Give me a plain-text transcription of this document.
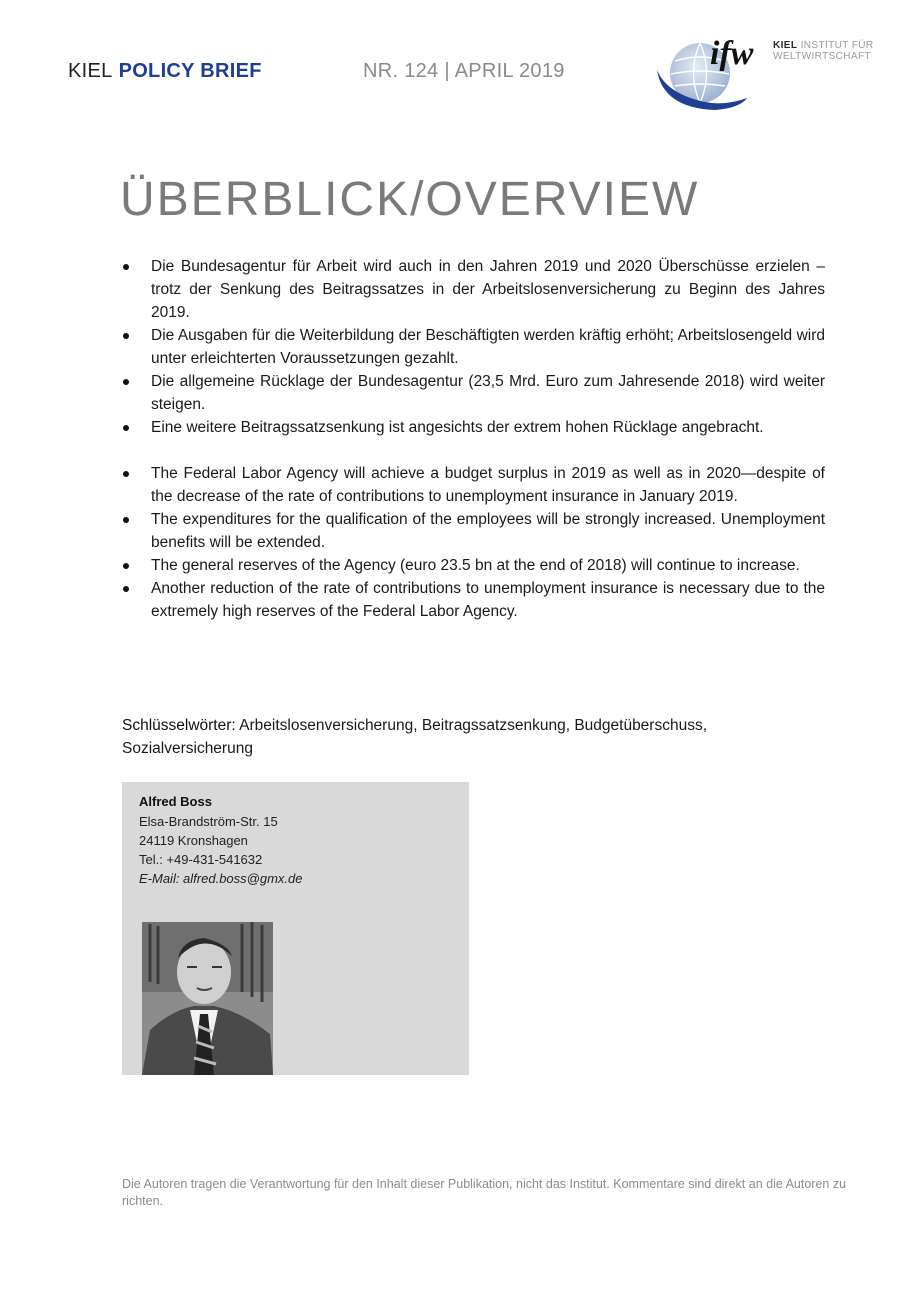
KIEL POLICY BRIEF	NR. 124 | APRIL 2019	ifw KIEL INSTITUT FÜR
WELTWIRTSCHAFT
ÜBERBLICK/OVERVIEW
Die Bundesagentur für Arbeit wird auch in den Jahren 2019 und 2020 Überschüsse erzielen – trotz der Senkung des Beitragssatzes in der Arbeitslosenversicherung zu Beginn des Jahres 2019.
Die Ausgaben für die Weiterbildung der Beschäftigten werden kräftig erhöht; Arbeitslosengeld wird unter erleichterten Voraussetzungen gezahlt.
Die allgemeine Rücklage der Bundesagentur (23,5 Mrd. Euro zum Jahresende 2018) wird weiter steigen.
Eine weitere Beitragssatzsenkung ist angesichts der extrem hohen Rücklage angebracht.
The Federal Labor Agency will achieve a budget surplus in 2019 as well as in 2020—despite of the decrease of the rate of contributions to unemployment insurance in January 2019.
The expenditures for the qualification of the employees will be strongly increased. Unemployment benefits will be extended.
The general reserves of the Agency (euro 23.5 bn at the end of 2018) will continue to increase.
Another reduction of the rate of contributions to unemployment insurance is necessary due to the extremely high reserves of the Federal Labor Agency.
Schlüsselwörter: Arbeitslosenversicherung, Beitragssatzsenkung, Budgetüberschuss, Sozialversicherung
Alfred Boss
Elsa-Brandström-Str. 15
24119 Kronshagen
Tel.: +49-431-541632
E-Mail: alfred.boss@gmx.de
Die Autoren tragen die Verantwortung für den Inhalt dieser Publikation, nicht das Institut. Kommentare sind direkt an die Autoren zu richten.
